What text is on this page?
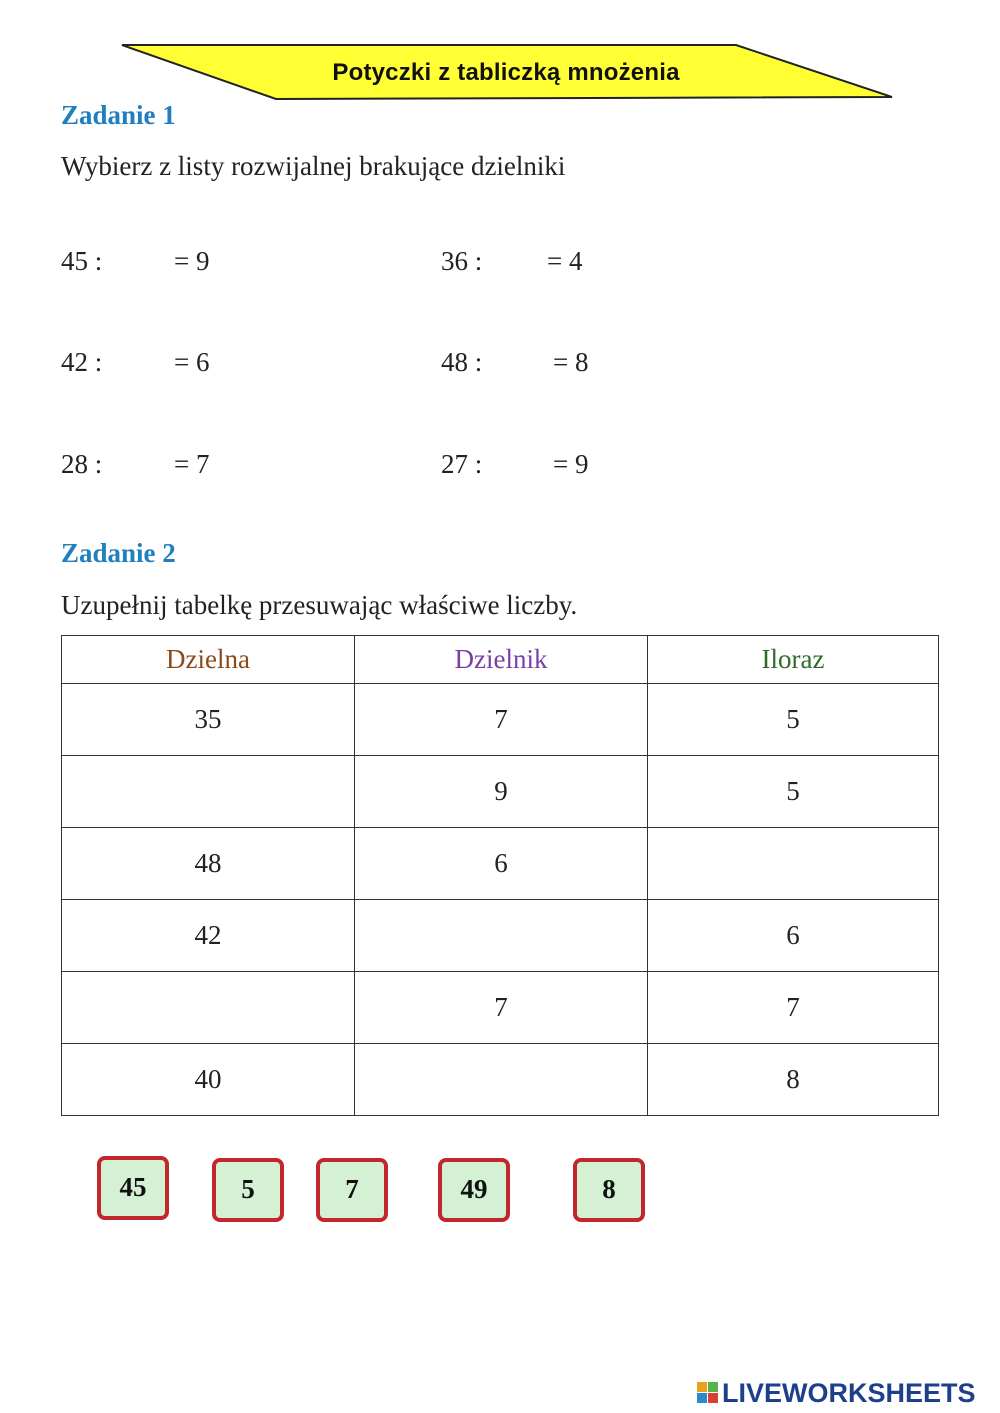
Potyczki z tabliczką mnożenia
Zadanie 1
Wybierz z listy rozwijalnej brakujące dzielniki
45 :	= 9	36 : = 4
42 :	= 6	48 :	= 8
28 :	= 7	27 :	= 9
Zadanie 2
Uzupełnij tabelkę przesuwając właściwe liczby.
Dzielna	Dzielnik	Iloraz
35	7	5
	9	5
48	6	
42		6
	7	7
40		8
45	5	7	49	8
LIVEWORKSHEETS
